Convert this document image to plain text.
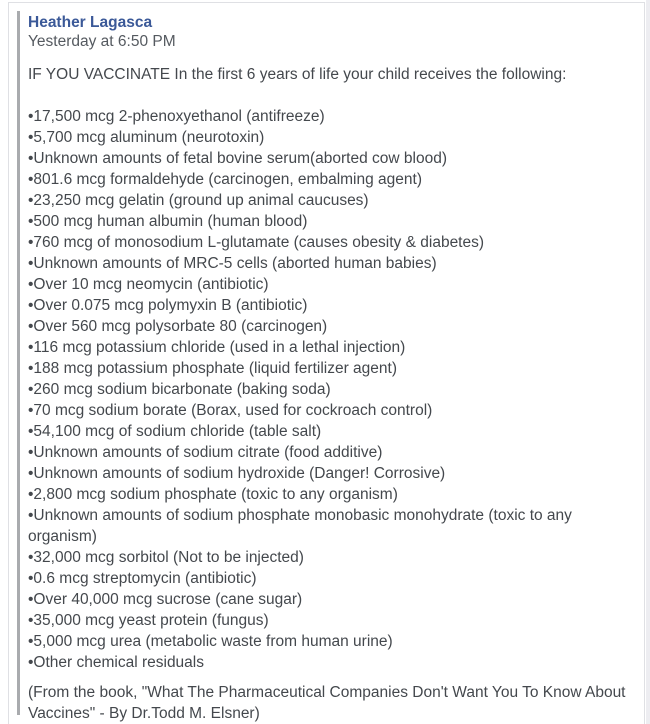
Heather Lagasca
Yesterday at 6:50 PM
IF YOU VACCINATE In the first 6 years of life your child receives the following:
•17,500 mcg 2-phenoxyethanol (antifreeze)
•5,700 mcg aluminum (neurotoxin)
•Unknown amounts of fetal bovine serum(aborted cow blood)
•801.6 mcg formaldehyde (carcinogen, embalming agent)
•23,250 mcg gelatin (ground up animal caucuses)
•500 mcg human albumin (human blood)
•760 mcg of monosodium L-glutamate (causes obesity & diabetes)
•Unknown amounts of MRC-5 cells (aborted human babies)
•Over 10 mcg neomycin (antibiotic)
•Over 0.075 mcg polymyxin B (antibiotic)
•Over 560 mcg polysorbate 80 (carcinogen)
•116 mcg potassium chloride (used in a lethal injection)
•188 mcg potassium phosphate (liquid fertilizer agent)
•260 mcg sodium bicarbonate (baking soda)
•70 mcg sodium borate (Borax, used for cockroach control)
•54,100 mcg of sodium chloride (table salt)
•Unknown amounts of sodium citrate (food additive)
•Unknown amounts of sodium hydroxide (Danger! Corrosive)
•2,800 mcg sodium phosphate (toxic to any organism)
•Unknown amounts of sodium phosphate monobasic monohydrate (toxic to any
organism)
•32,000 mcg sorbitol (Not to be injected)
•0.6 mcg streptomycin (antibiotic)
•Over 40,000 mcg sucrose (cane sugar)
•35,000 mcg yeast protein (fungus)
•5,000 mcg urea (metabolic waste from human urine)
•Other chemical residuals
(From the book, "What The Pharmaceutical Companies Don't Want You To Know About
Vaccines" - By Dr.Todd M. Elsner)
